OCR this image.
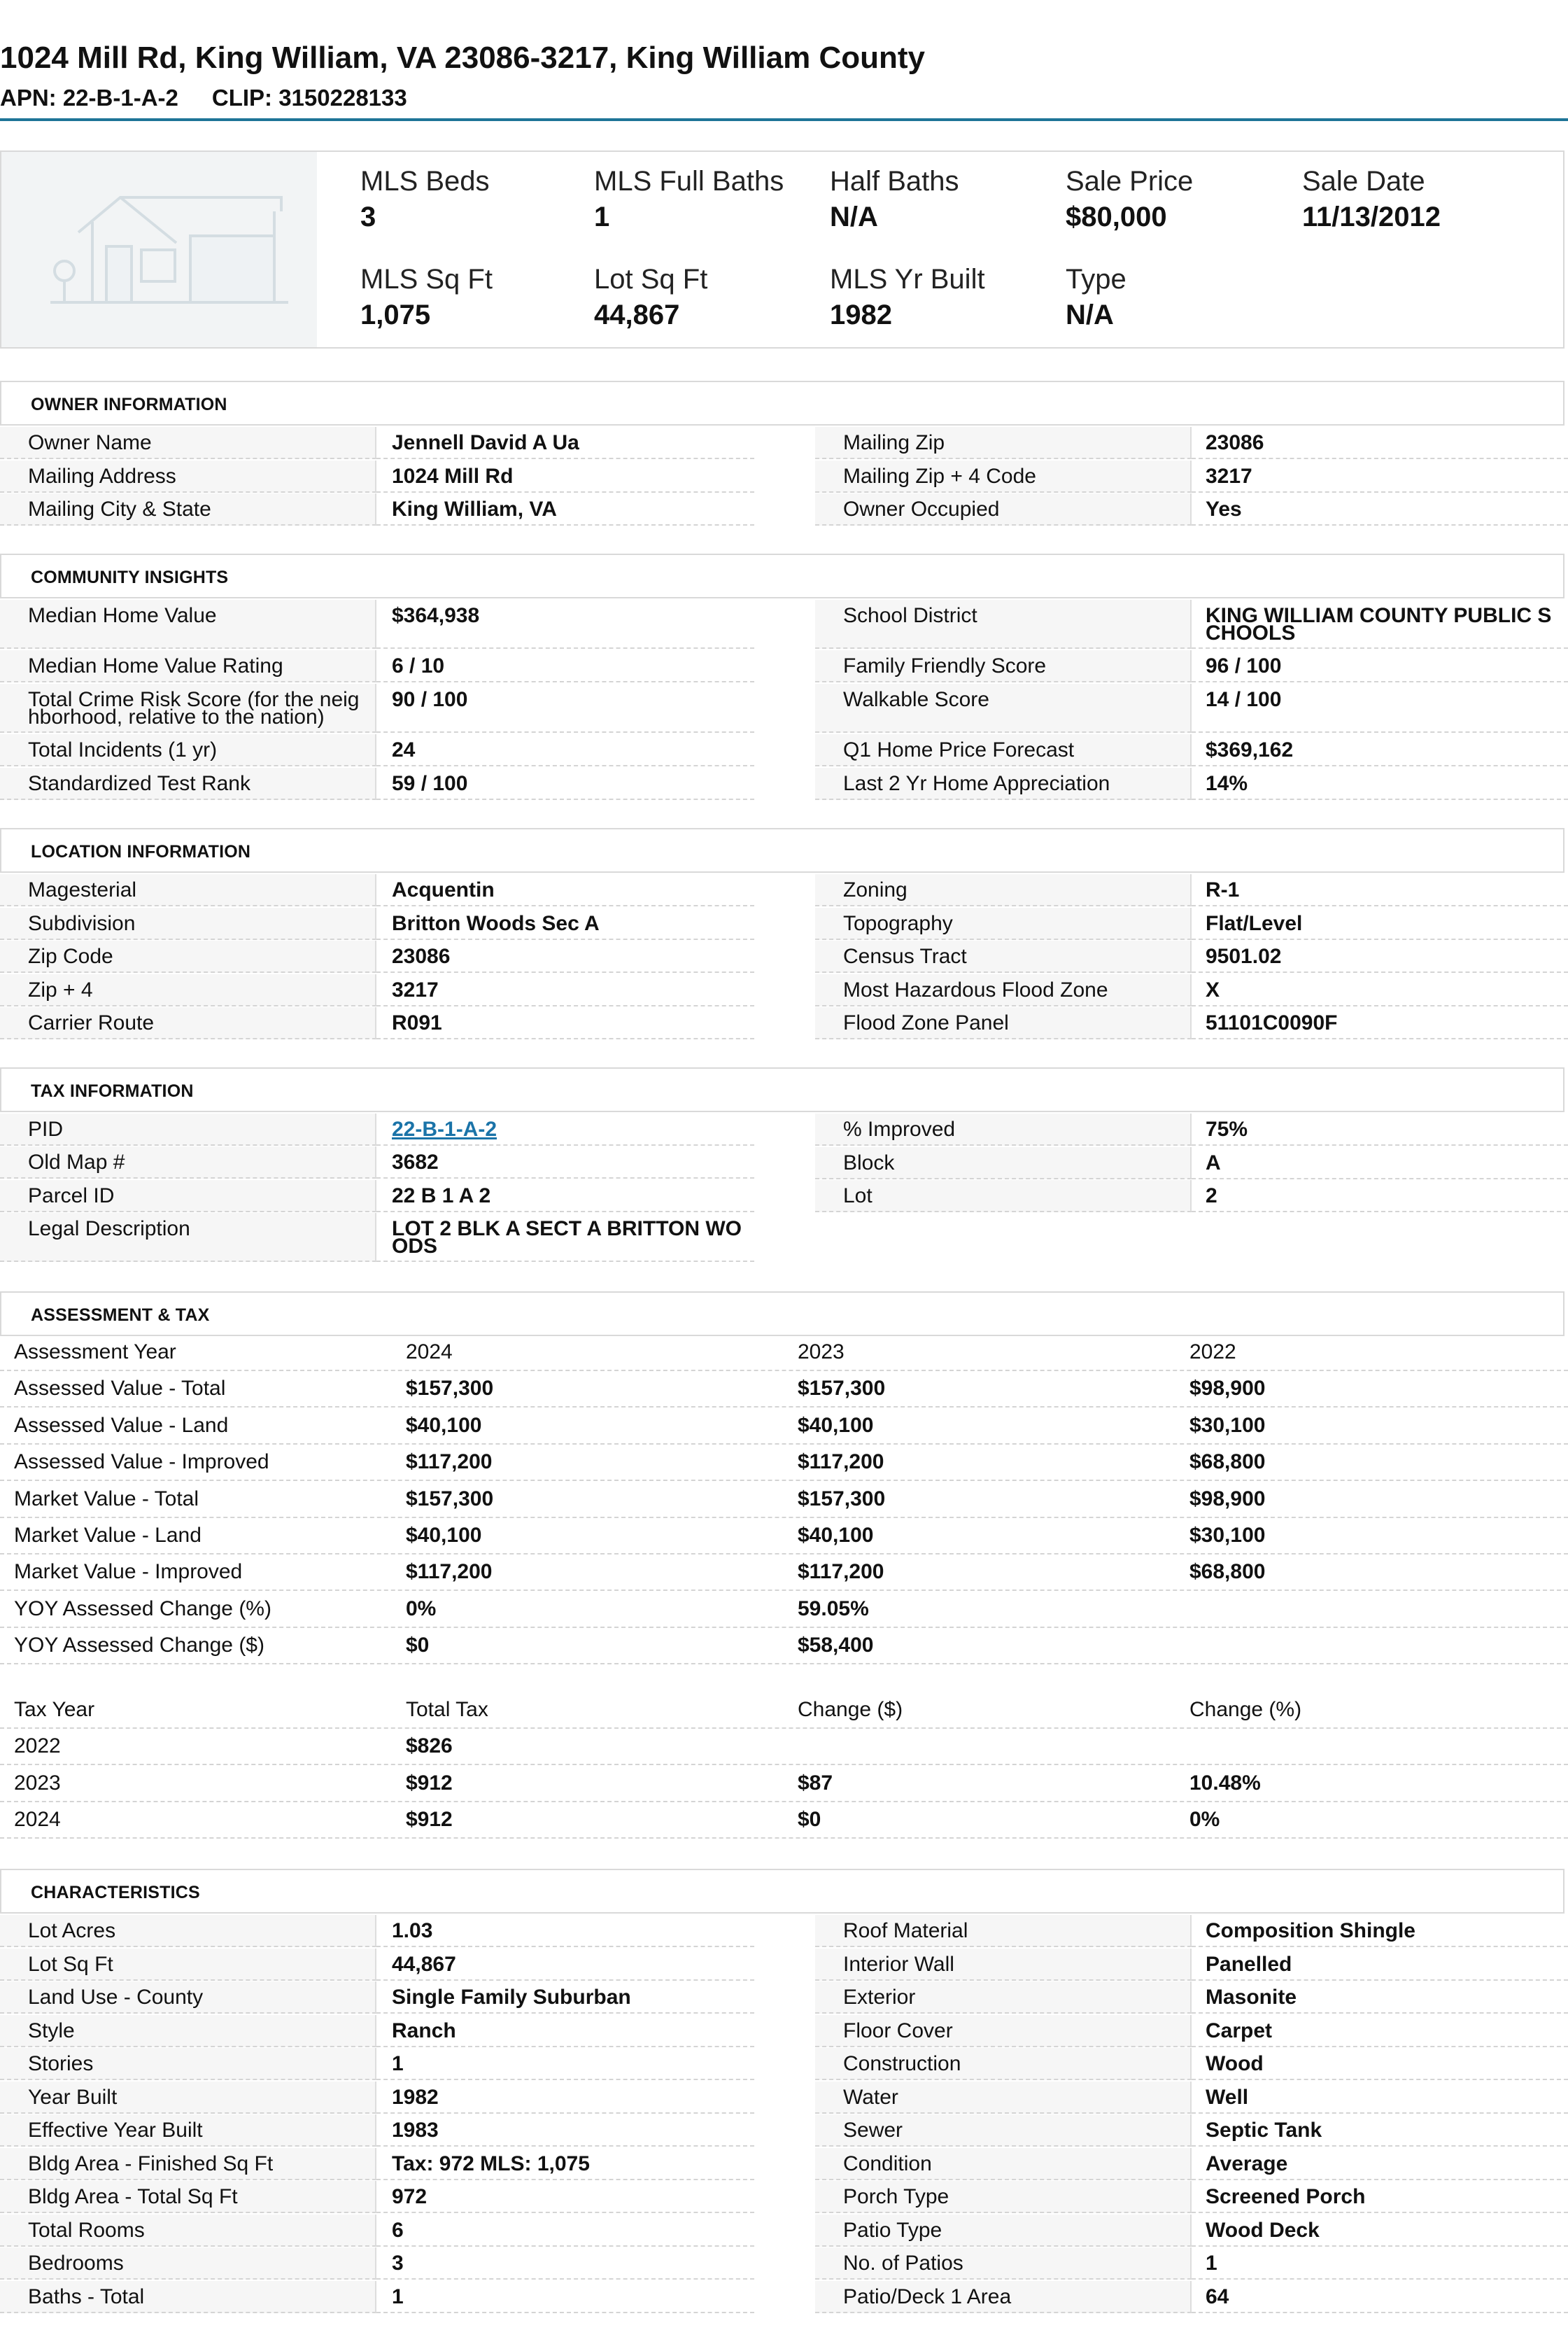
1024 Mill Rd, King William, VA 23086-3217, King William County
APN: 22-B-1-A-2 CLIP: 3150228133
MLS Beds
3
MLS Full Baths
1
Half Baths
N/A
Sale Price
$80,000
Sale Date
11/13/2012
MLS Sq Ft
1,075
Lot Sq Ft
44,867
MLS Yr Built
1982
Type
N/A
OWNER INFORMATION
Owner Name	Jennell David A Ua
Mailing Address	1024 Mill Rd
Mailing City & State	King William, VA
Mailing Zip	23086
Mailing Zip + 4 Code	3217
Owner Occupied	Yes
COMMUNITY INSIGHTS
Median Home Value	$364,938
Median Home Value Rating	6 / 10
Total Crime Risk Score (for the neighborhood, relative to the nation)
90 / 100
Total Incidents (1 yr)	24
Standardized Test Rank	59 / 100
School District	KING WILLIAM COUNTY PUBLIC SCHOOLS
Family Friendly Score	96 / 100
Walkable Score	14 / 100
Q1 Home Price Forecast	$369,162
Last 2 Yr Home Appreciation	14%
LOCATION INFORMATION
Magesterial	Acquentin
Subdivision	Britton Woods Sec A
Zip Code	23086
Zip + 4	3217
Carrier Route	R091
Zoning	R-1
Topography	Flat/Level
Census Tract	9501.02
Most Hazardous Flood Zone	X
Flood Zone Panel	51101C0090F
TAX INFORMATION
PID	22-B-1-A-2
Old Map #	3682
Parcel ID	22 B 1 A 2
Legal Description	LOT 2 BLK A SECT A BRITTON WOODS
% Improved	75%
Block	A
Lot	2
ASSESSMENT & TAX
Assessment Year	2024	2023	2022
Assessed Value - Total	$157,300	$157,300	$98,900
Assessed Value - Land	$40,100	$40,100	$30,100
Assessed Value - Improved	$117,200	$117,200	$68,800
Market Value - Total	$157,300	$157,300	$98,900
Market Value - Land	$40,100	$40,100	$30,100
Market Value - Improved	$117,200	$117,200	$68,800
YOY Assessed Change (%)	0%	59.05%
YOY Assessed Change ($)	$0	$58,400
Tax Year	Total Tax	Change ($)	Change (%)
2022	$826
2023	$912	$87	10.48%
2024	$912	$0	0%
CHARACTERISTICS
Lot Acres	1.03
Lot Sq Ft	44,867
Land Use - County	Single Family Suburban
Style	Ranch
Stories	1
Year Built	1982
Effective Year Built	1983
Bldg Area - Finished Sq Ft	Tax: 972 MLS: 1,075
Bldg Area - Total Sq Ft	972
Total Rooms	6
Bedrooms	3
Baths - Total	1
Roof Material	Composition Shingle
Interior Wall	Panelled
Exterior	Masonite
Floor Cover	Carpet
Construction	Wood
Water	Well
Sewer	Septic Tank
Condition	Average
Porch Type	Screened Porch
Patio Type	Wood Deck
No. of Patios	1
Patio/Deck 1 Area	64
